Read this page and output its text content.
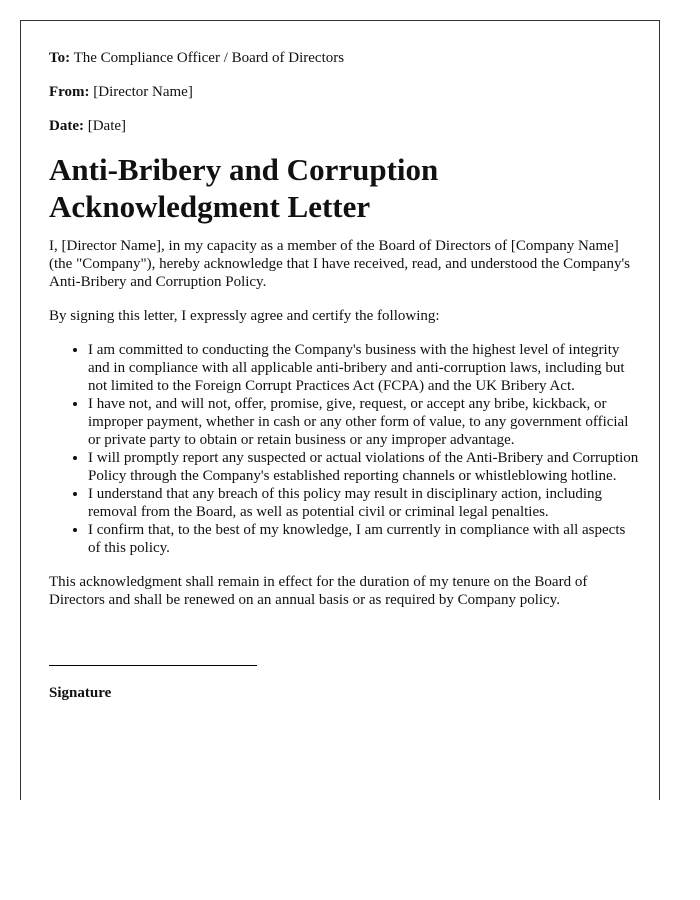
To: The Compliance Officer / Board of Directors

From: [Director Name]

Date: [Date]

Anti-Bribery and Corruption Acknowledgment Letter

I, [Director Name], in my capacity as a member of the Board of Directors of [Company Name] (the "Company"), hereby acknowledge that I have received, read, and understood the Company's Anti-Bribery and Corruption Policy.

By signing this letter, I expressly agree and certify the following:

• I am committed to conducting the Company's business with the highest level of integrity and in compliance with all applicable anti-bribery and anti-corruption laws, including but not limited to the Foreign Corrupt Practices Act (FCPA) and the UK Bribery Act.
• I have not, and will not, offer, promise, give, request, or accept any bribe, kickback, or improper payment, whether in cash or any other form of value, to any government official or private party to obtain or retain business or any improper advantage.
• I will promptly report any suspected or actual violations of the Anti-Bribery and Corruption Policy through the Company's established reporting channels or whistleblowing hotline.
• I understand that any breach of this policy may result in disciplinary action, including removal from the Board, as well as potential civil or criminal legal penalties.
• I confirm that, to the best of my knowledge, I am currently in compliance with all aspects of this policy.

This acknowledgment shall remain in effect for the duration of my tenure on the Board of Directors and shall be renewed on an annual basis or as required by Company policy.

Signature
